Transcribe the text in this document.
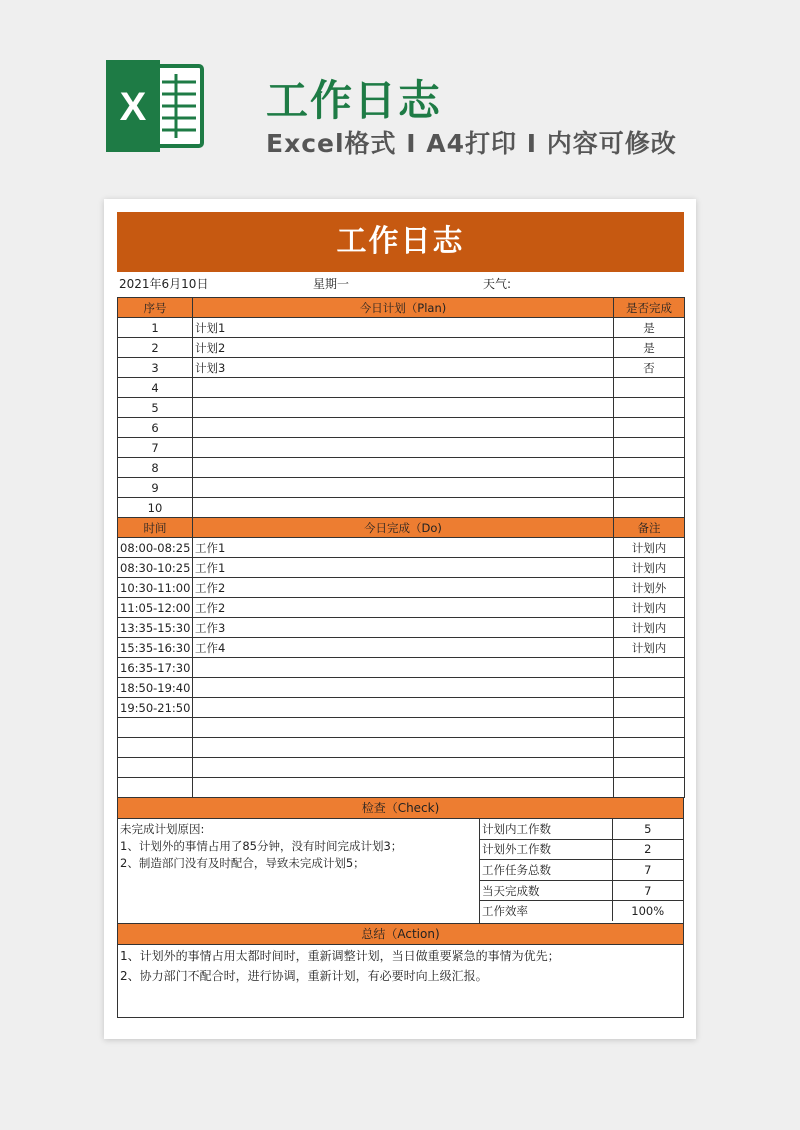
X	工作日志
Excel格式 I A4打印 I 内容可修改
工作日志
2021年6月10日	星期一	天气:
序号	今日计划（Plan)	是否完成
1	计划1	是
2	计划2	是
3	计划3	否
4		
5		
6		
7		
8		
9		
10		
时间	今日完成（Do)	备注
08:00-08:25	工作1	计划内
08:30-10:25	工作1	计划内
10:30-11:00	工作2	计划外
11:05-12:00	工作2	计划内
13:35-15:30	工作3	计划内
15:35-16:30	工作4	计划内
16:35-17:30		
18:50-19:40		
19:50-21:50		

检查（Check)
未完成计划原因:
1、计划外的事情占用了85分钟，没有时间完成计划3；
2、制造部门没有及时配合，导致未完成计划5；
计划内工作数	5
计划外工作数	2
工作任务总数	7
当天完成数	7
工作效率	100%
总结（Action)
1、计划外的事情占用太都时间时，重新调整计划，当日做重要紧急的事情为优先；
2、协力部门不配合时，进行协调，重新计划，有必要时向上级汇报。
